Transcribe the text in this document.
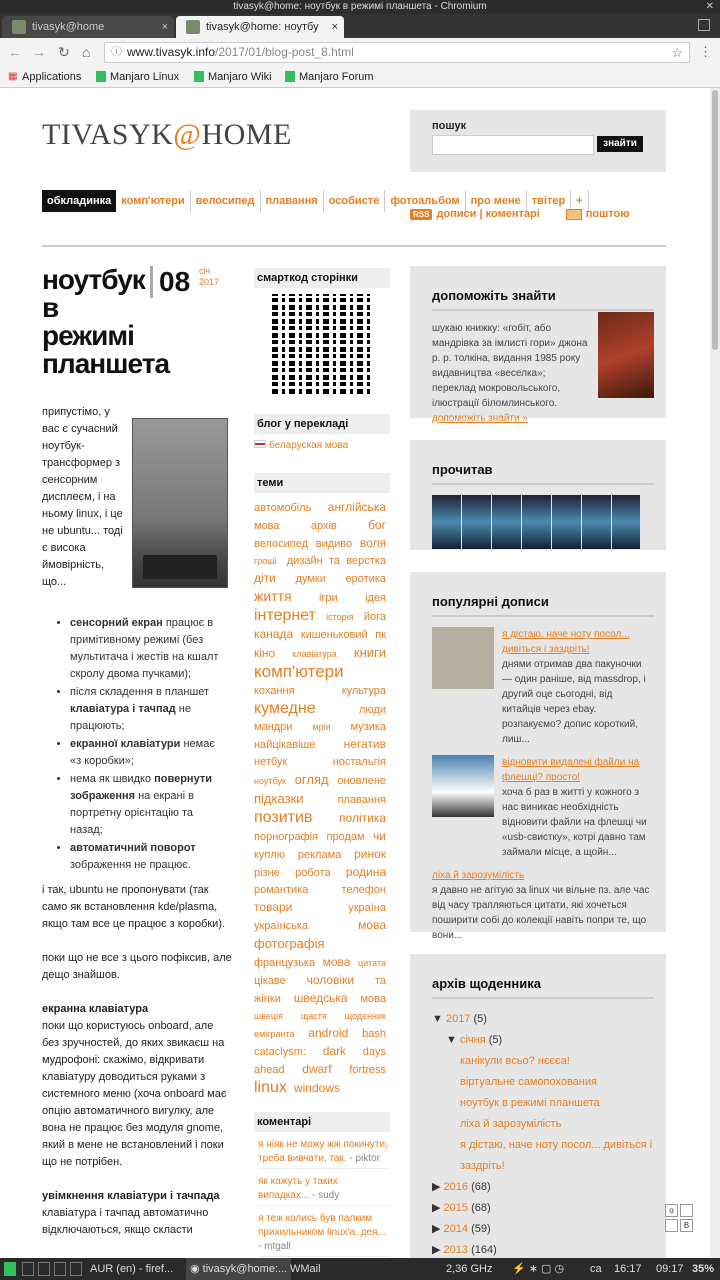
tivasyk@home: ноутбук в режимі планшета - Chromium	✕
tivasyk@home	×	tivasyk@home: ноутбу ×
← → ↻ ⌂ ⓘ www.tivasyk.info/2017/01/blog-post_8.html	☆ ⋮
▦ Applications	Manjaro Linux	Manjaro Wiki	Manjaro Forum
TIVASYK@HOME	пошук
знайти
обкладинка комп'ютери велосипед плавання особисте фотоальбом про мене твітер +
RSS дописи | коментарі	поштою
ноутбук в режимі планшета
08 січ
2017

припустімо, у вас є сучасний ноутбук-трансформер з сенсорним дисплеєм, і на ньому linux, і це не ubuntu... тоді є висока ймовірність, що...

• сенсорний екран працює в примітивному режимі (без мультитача і жестів на кшалт скролу двома пучками);
• після складення в планшет клавіатура і тачпад не працюють;
• екранної клавіатури немає «з коробки»;
• нема як швидко повернути зображення на екрані в портретну орієнтацію та назад;
• автоматичний поворот зображення не працює.

і так, ubuntu не пропонувати (так само як встановлення kde/plasma, якщо там все це працює з коробки).

поки що не все з цього пофіксив, але дещо знайшов.

екранна клавіатура

поки що користуюсь onboard, але без зручностей, до яких звикаєш на мудрофоні: скажімо, відкривати клавіатуру доводиться руками з системного меню (хоча onboard має опцію автоматичного вигулку, але вона не працює без модуля gnome, який в мене не встановлений і поки що не потрібен.

увімкнення клавіатури і тачпада

клавіатура і тачпад автоматично відключаються, якщо скласти

смарткод сторінки
блог у перекладі
беларуская мова
теми
автомобіль англійська мова	архів	бог велосипед видиво воля гроші дизайн та верстка діти думки еротика життя ігри ідея інтернет історія йога канада кишеньковий пк кіно клавіатура книги комп'ютери кохання	культура кумедне	люди мандри мрія музика найцікавіше негатив нетбук	ностальгія ноутбук огляд оновлене підказки	плавання позитив політика порнографія продам чи куплю реклама ринок різне робота родина романтика	телефон товари	україна українська	мова фотографія французька мова цитата цікаве чоловіки та жінки шведська мова швеція щастя щоденник емігранта android bash cataclysm: dark days ahead dwarf fortress linux windows
коментарі

я ніяк не можу жж покинути, треба вивчати, так. - piktor

як кажуть у таких випадках... - sudy

я теж колись був палким прихильником linux'а. дея... - mtgall

допоможіть знайти

шукаю книжку: «гобіт, або мандрівка за імлисті гори» джона р. р. толкіна, видання 1985 року видавництва «веселка»; переклад мокровольського, ілюстрації біломлинського. допоможіть знайти »

прочитав
популярні дописи
я дістаю, наче ноту посол... дивіться і заздріть!
днями отримав два пакуночки — один раніше, від massdrop, і другий оце сьогодні, від китайців через ebay. розпакуємо? допис короткий, лиш...
відновити видалені файли на флешці? просто!
хоча б раз в житті у кожного з нас виникає необхідність відновити файли на флешці чи «usb-свистку», котрі давно там займали місце, а щойн...
ліха й зарозумілість
я давно не агітую за linux чи вільне пз. але час від часу трапляються цитати, які хочеться поширити собі до колекції навіть попри те, що вони...
архів щоденника
▼ 2017 (5)
▼ січня (5)
канікули всьо? нєєєа!
віртуальне самопохования
ноутбук в режимі планшета
ліха й зарозумілість
я дістаю, наче ноту посол... дивіться і заздріть!
▶ 2016 (68)
▶ 2015 (68)
▶ 2014 (59)
▶ 2013 (164)
o
B
AUR (en) - firef...	◉ tivasyk@home:... WMail	2,36 GHz ⚡ ∗ ▢ ◷ ca 16:17 09:17 35%
